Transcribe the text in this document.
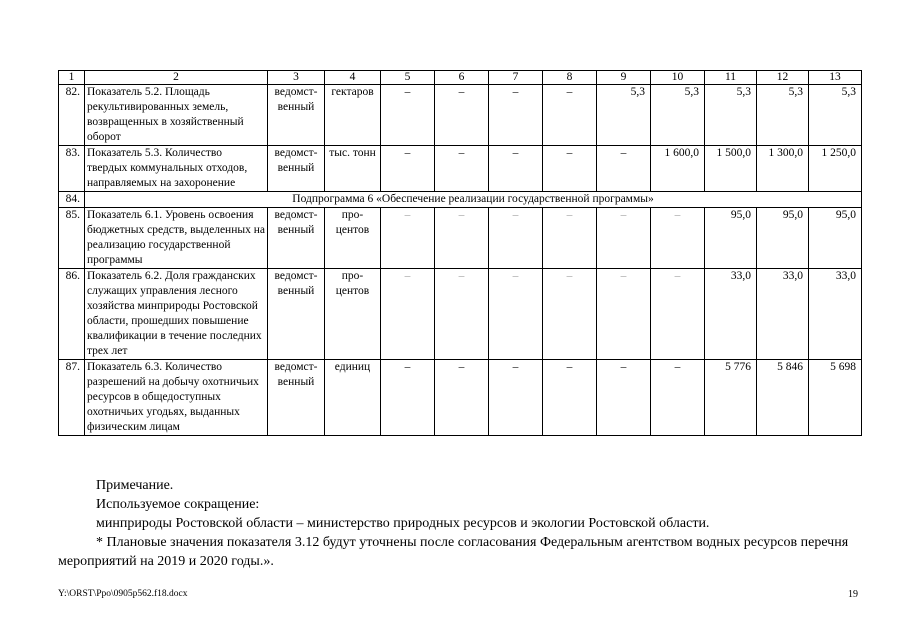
1	2	3	4	5	6	7	8	9	10	11	12	13
82.	Показатель 5.2. Площадь рекультивированных земель, возвращенных в хозяйственный оборот	ведомст-венный	гектаров	–	–	–	–	5,3	5,3	5,3	5,3	5,3
83.	Показатель 5.3. Количество твердых коммунальных отходов, направляемых на захоронение	ведомст-венный	тыс. тонн	–	–	–	–	–	1 600,0	1 500,0	1 300,0	1 250,0
84.	Подпрограмма 6 «Обеспечение реализации государственной программы»											
85.	Показатель 6.1. Уровень освоения бюджетных средств, выделенных на реализацию государственной программы	ведомст-венный	про-центов	–	–	–	–	–	–	95,0	95,0	95,0
86.	Показатель 6.2. Доля гражданских служащих управления лесного хозяйства минприроды Ростовской области, прошедших повышение квалификации в течение последних трех лет	ведомст-венный	про-центов	–	–	–	–	–	–	33,0	33,0	33,0
87.	Показатель 6.3. Количество разрешений на добычу охотничьих ресурсов в общедоступных охотничьих угодьях, выданных физическим лицам	ведомст-венный	единиц	–	–	–	–	–	–	5 776	5 846	5 698
Примечание.
Используемое сокращение:
минприроды Ростовской области – министерство природных ресурсов и экологии Ростовской области.
* Плановые значения показателя 3.12 будут уточнены после согласования Федеральным агентством водных ресурсов перечня мероприятий на 2019 и 2020 годы.».
Y:\ORST\Ppo\0905p562.f18.docx	19
